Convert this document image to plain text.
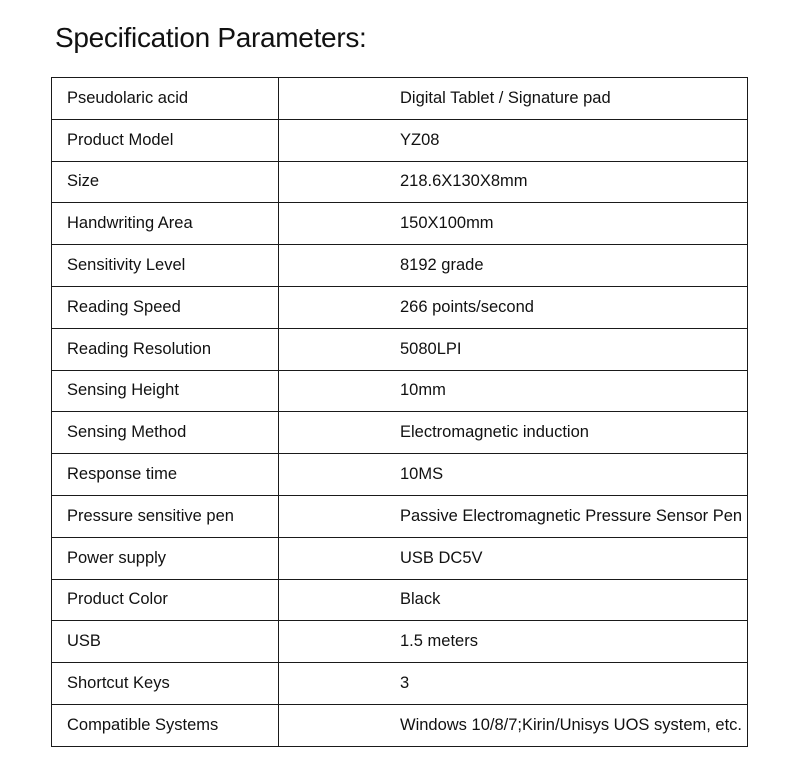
Specification Parameters:
Pseudolaric acid	Digital Tablet / Signature pad
Product Model	YZ08
Size	218.6X130X8mm
Handwriting Area	150X100mm
Sensitivity Level	8192 grade
Reading Speed	266 points/second
Reading Resolution	5080LPI
Sensing Height	10mm
Sensing Method	Electromagnetic induction
Response time	10MS
Pressure sensitive pen	Passive Electromagnetic Pressure Sensor Pen
Power supply	USB DC5V
Product Color	Black
USB	1.5 meters
Shortcut Keys	3
Compatible Systems	Windows 10/8/7;Kirin/Unisys UOS system, etc.
